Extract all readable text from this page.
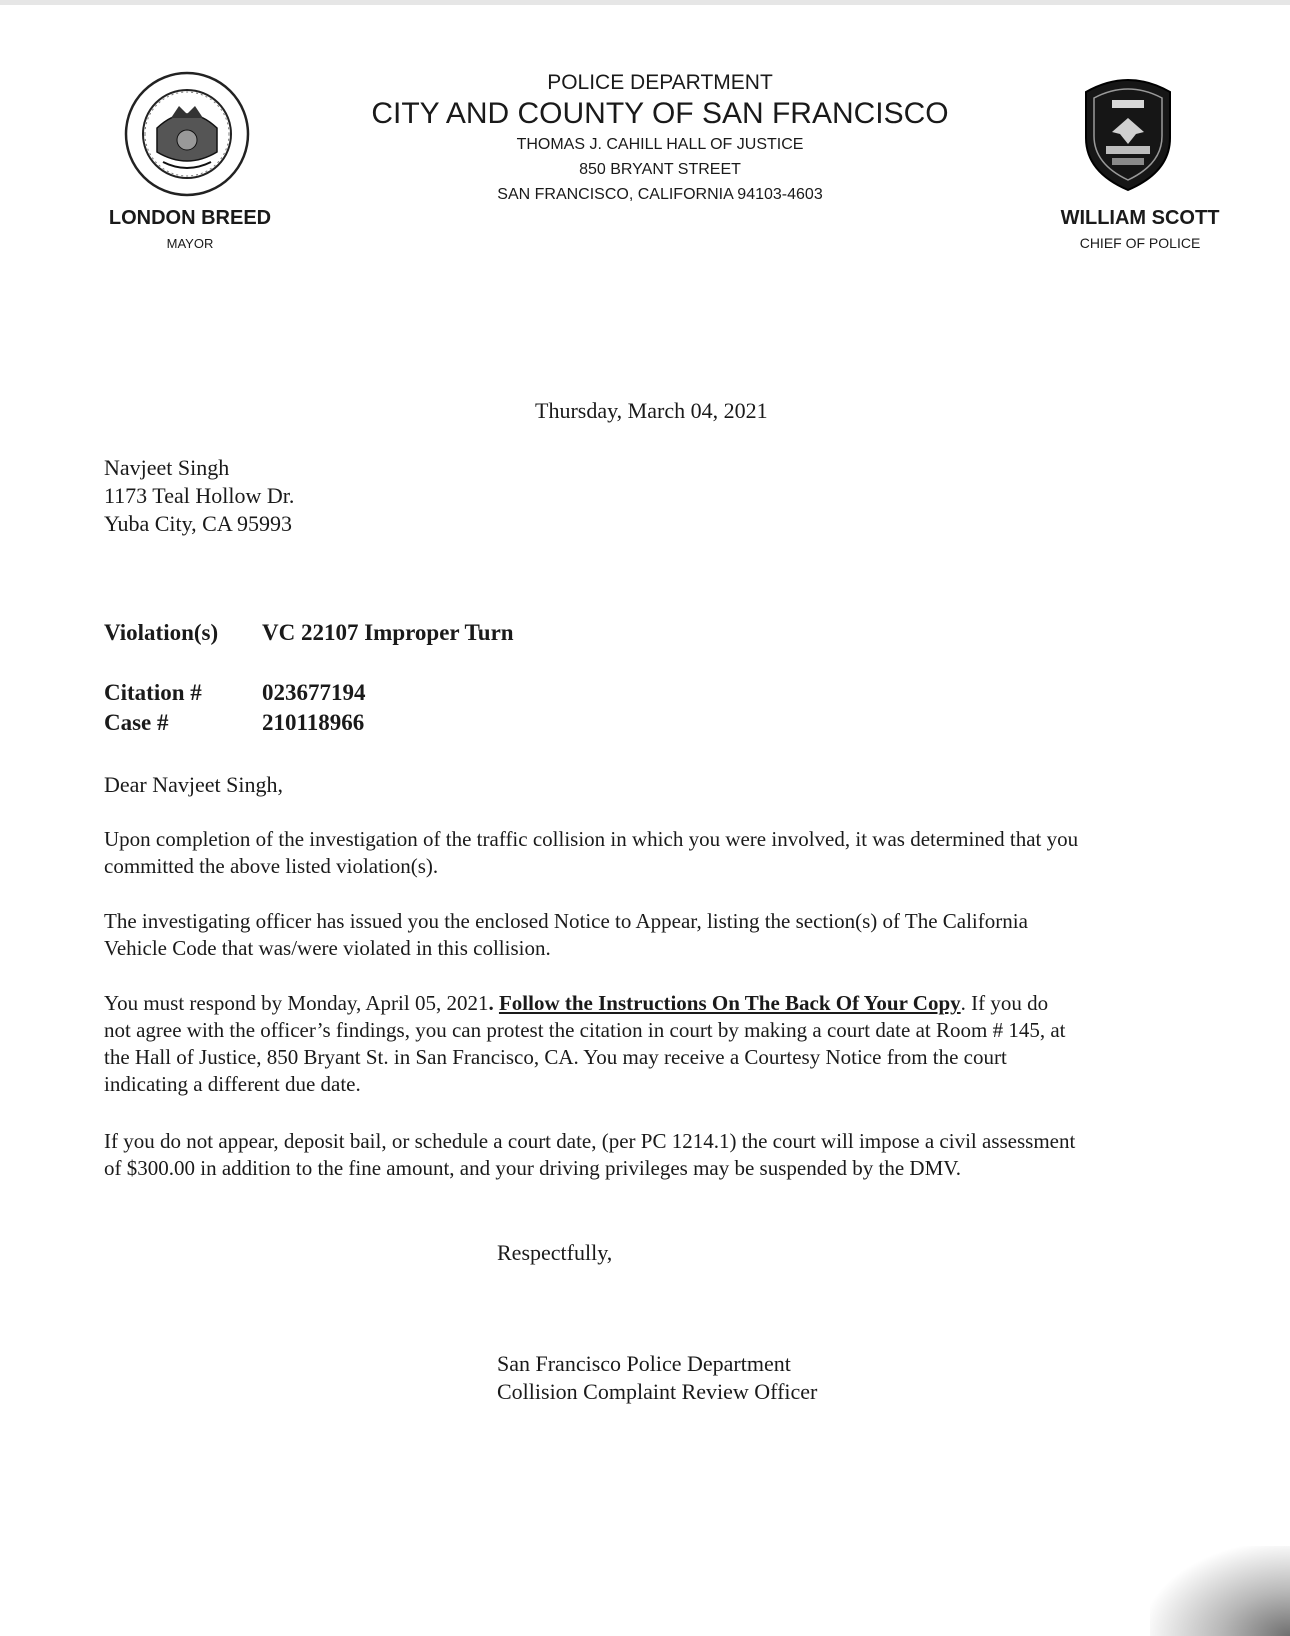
LONDON BREED
MAYOR
WILLIAM SCOTT
CHIEF OF POLICE
POLICE DEPARTMENT
CITY AND COUNTY OF SAN FRANCISCO
THOMAS J. CAHILL HALL OF JUSTICE
850 BRYANT STREET
SAN FRANCISCO, CALIFORNIA 94103-4603
Thursday, March 04, 2021
Navjeet Singh
1173 Teal Hollow Dr.
Yuba City, CA 95993
Violation(s) VC 22107 Improper Turn
Citation #	023677194
Case #	210118966
Dear Navjeet Singh,
Upon completion of the investigation of the traffic collision in which you were involved, it was determined that you
committed the above listed violation(s).
The investigating officer has issued you the enclosed Notice to Appear, listing the section(s) of The California
Vehicle Code that was/were violated in this collision.
You must respond by Monday, April 05, 2021. Follow the Instructions On The Back Of Your Copy. If you do
not agree with the officer’s findings, you can protest the citation in court by making a court date at Room # 145, at
the Hall of Justice, 850 Bryant St. in San Francisco, CA. You may receive a Courtesy Notice from the court
indicating a different due date.
If you do not appear, deposit bail, or schedule a court date, (per PC 1214.1) the court will impose a civil assessment
of $300.00 in addition to the fine amount, and your driving privileges may be suspended by the DMV.
Respectfully,
San Francisco Police Department
Collision Complaint Review Officer
